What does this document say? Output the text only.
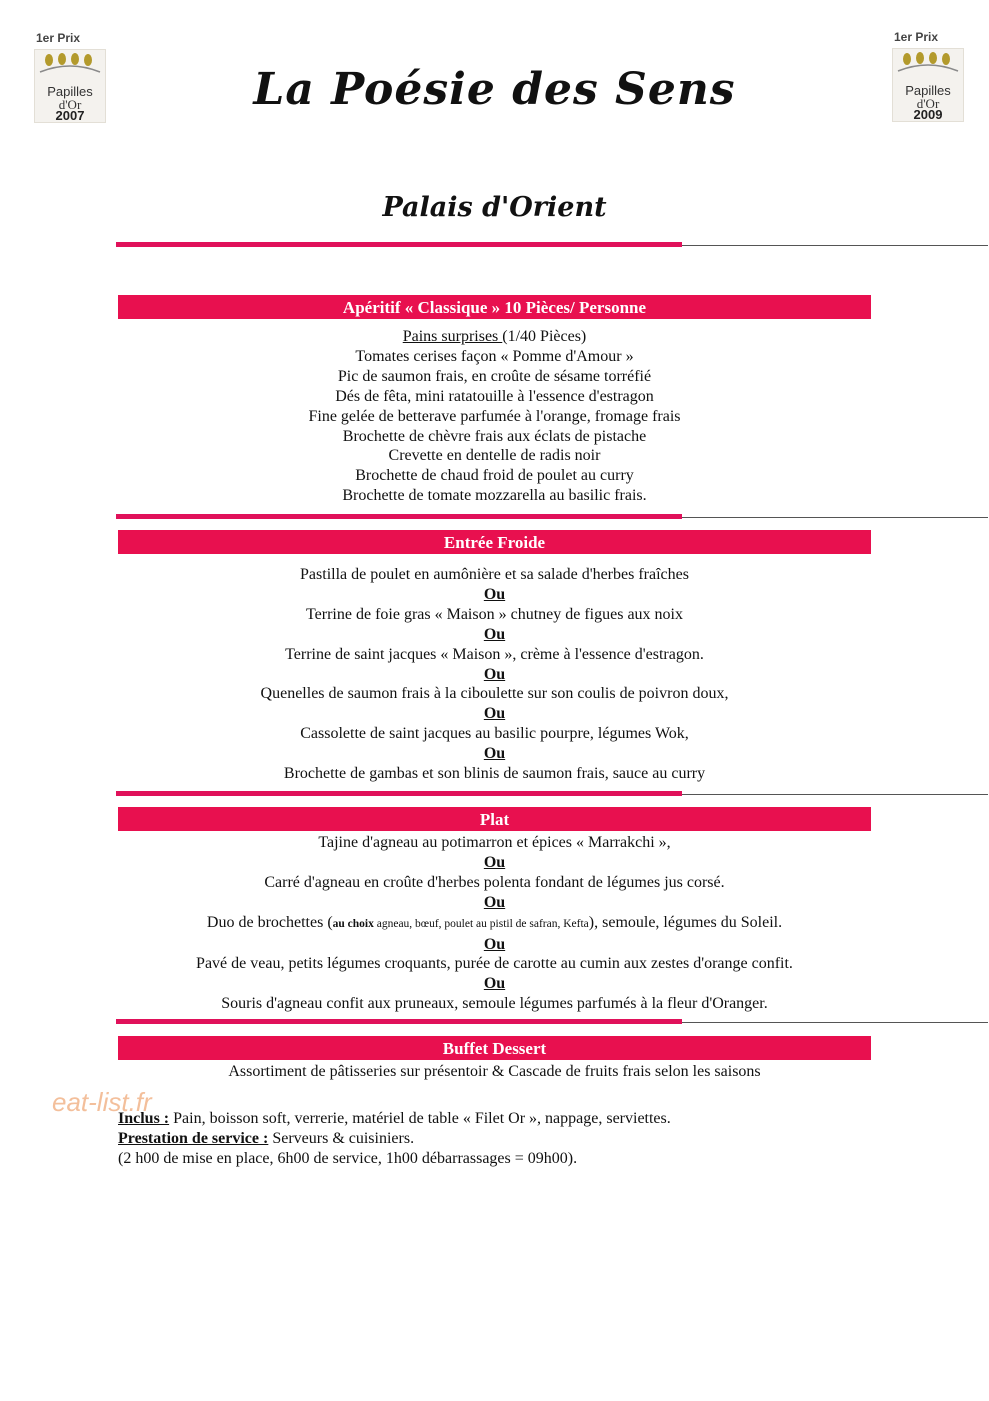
1er Prix
Papilles
d'Or
2007
1er Prix
Papilles
d'Or
2009
La Poésie des Sens
Palais d'Orient
Apéritif « Classique » 10 Pièces/ Personne
Pains surprises (1/40 Pièces)
Tomates cerises façon « Pomme d'Amour »
Pic de saumon frais, en croûte de sésame torréfié
Dés de fêta, mini ratatouille à l'essence d'estragon
Fine gelée de betterave parfumée à l'orange, fromage frais
Brochette de chèvre frais aux éclats de pistache
Crevette en dentelle de radis noir
Brochette de chaud froid de poulet au curry
Brochette de tomate mozzarella au basilic frais.
Entrée Froide
Pastilla de poulet en aumônière et sa salade d'herbes fraîches
Ou
Terrine de foie gras « Maison » chutney de figues aux noix
Ou
Terrine de saint jacques « Maison », crème à l'essence d'estragon.
Ou
Quenelles de saumon frais à la ciboulette sur son coulis de poivron doux,
Ou
Cassolette de saint jacques au basilic pourpre, légumes Wok,
Ou
Brochette de gambas et son blinis de saumon frais, sauce au curry
Plat
Tajine d'agneau au potimarron et épices « Marrakchi »,
Ou
Carré d'agneau en croûte d'herbes polenta fondant de légumes jus corsé.
Ou
Duo de brochettes (au choix agneau, bœuf, poulet au pistil de safran, Kefta), semoule, légumes du Soleil.
Ou
Pavé de veau, petits légumes croquants, purée de carotte au cumin aux zestes d'orange confit.
Ou
Souris d'agneau confit aux pruneaux, semoule légumes parfumés à la fleur d'Oranger.
Buffet Dessert
Assortiment de pâtisseries sur présentoir & Cascade de fruits frais selon les saisons
eat-list.fr
Inclus : Pain, boisson soft, verrerie, matériel de table « Filet Or », nappage, serviettes.
Prestation de service : Serveurs & cuisiniers.
(2 h00 de mise en place, 6h00 de service, 1h00 débarrassages = 09h00).
